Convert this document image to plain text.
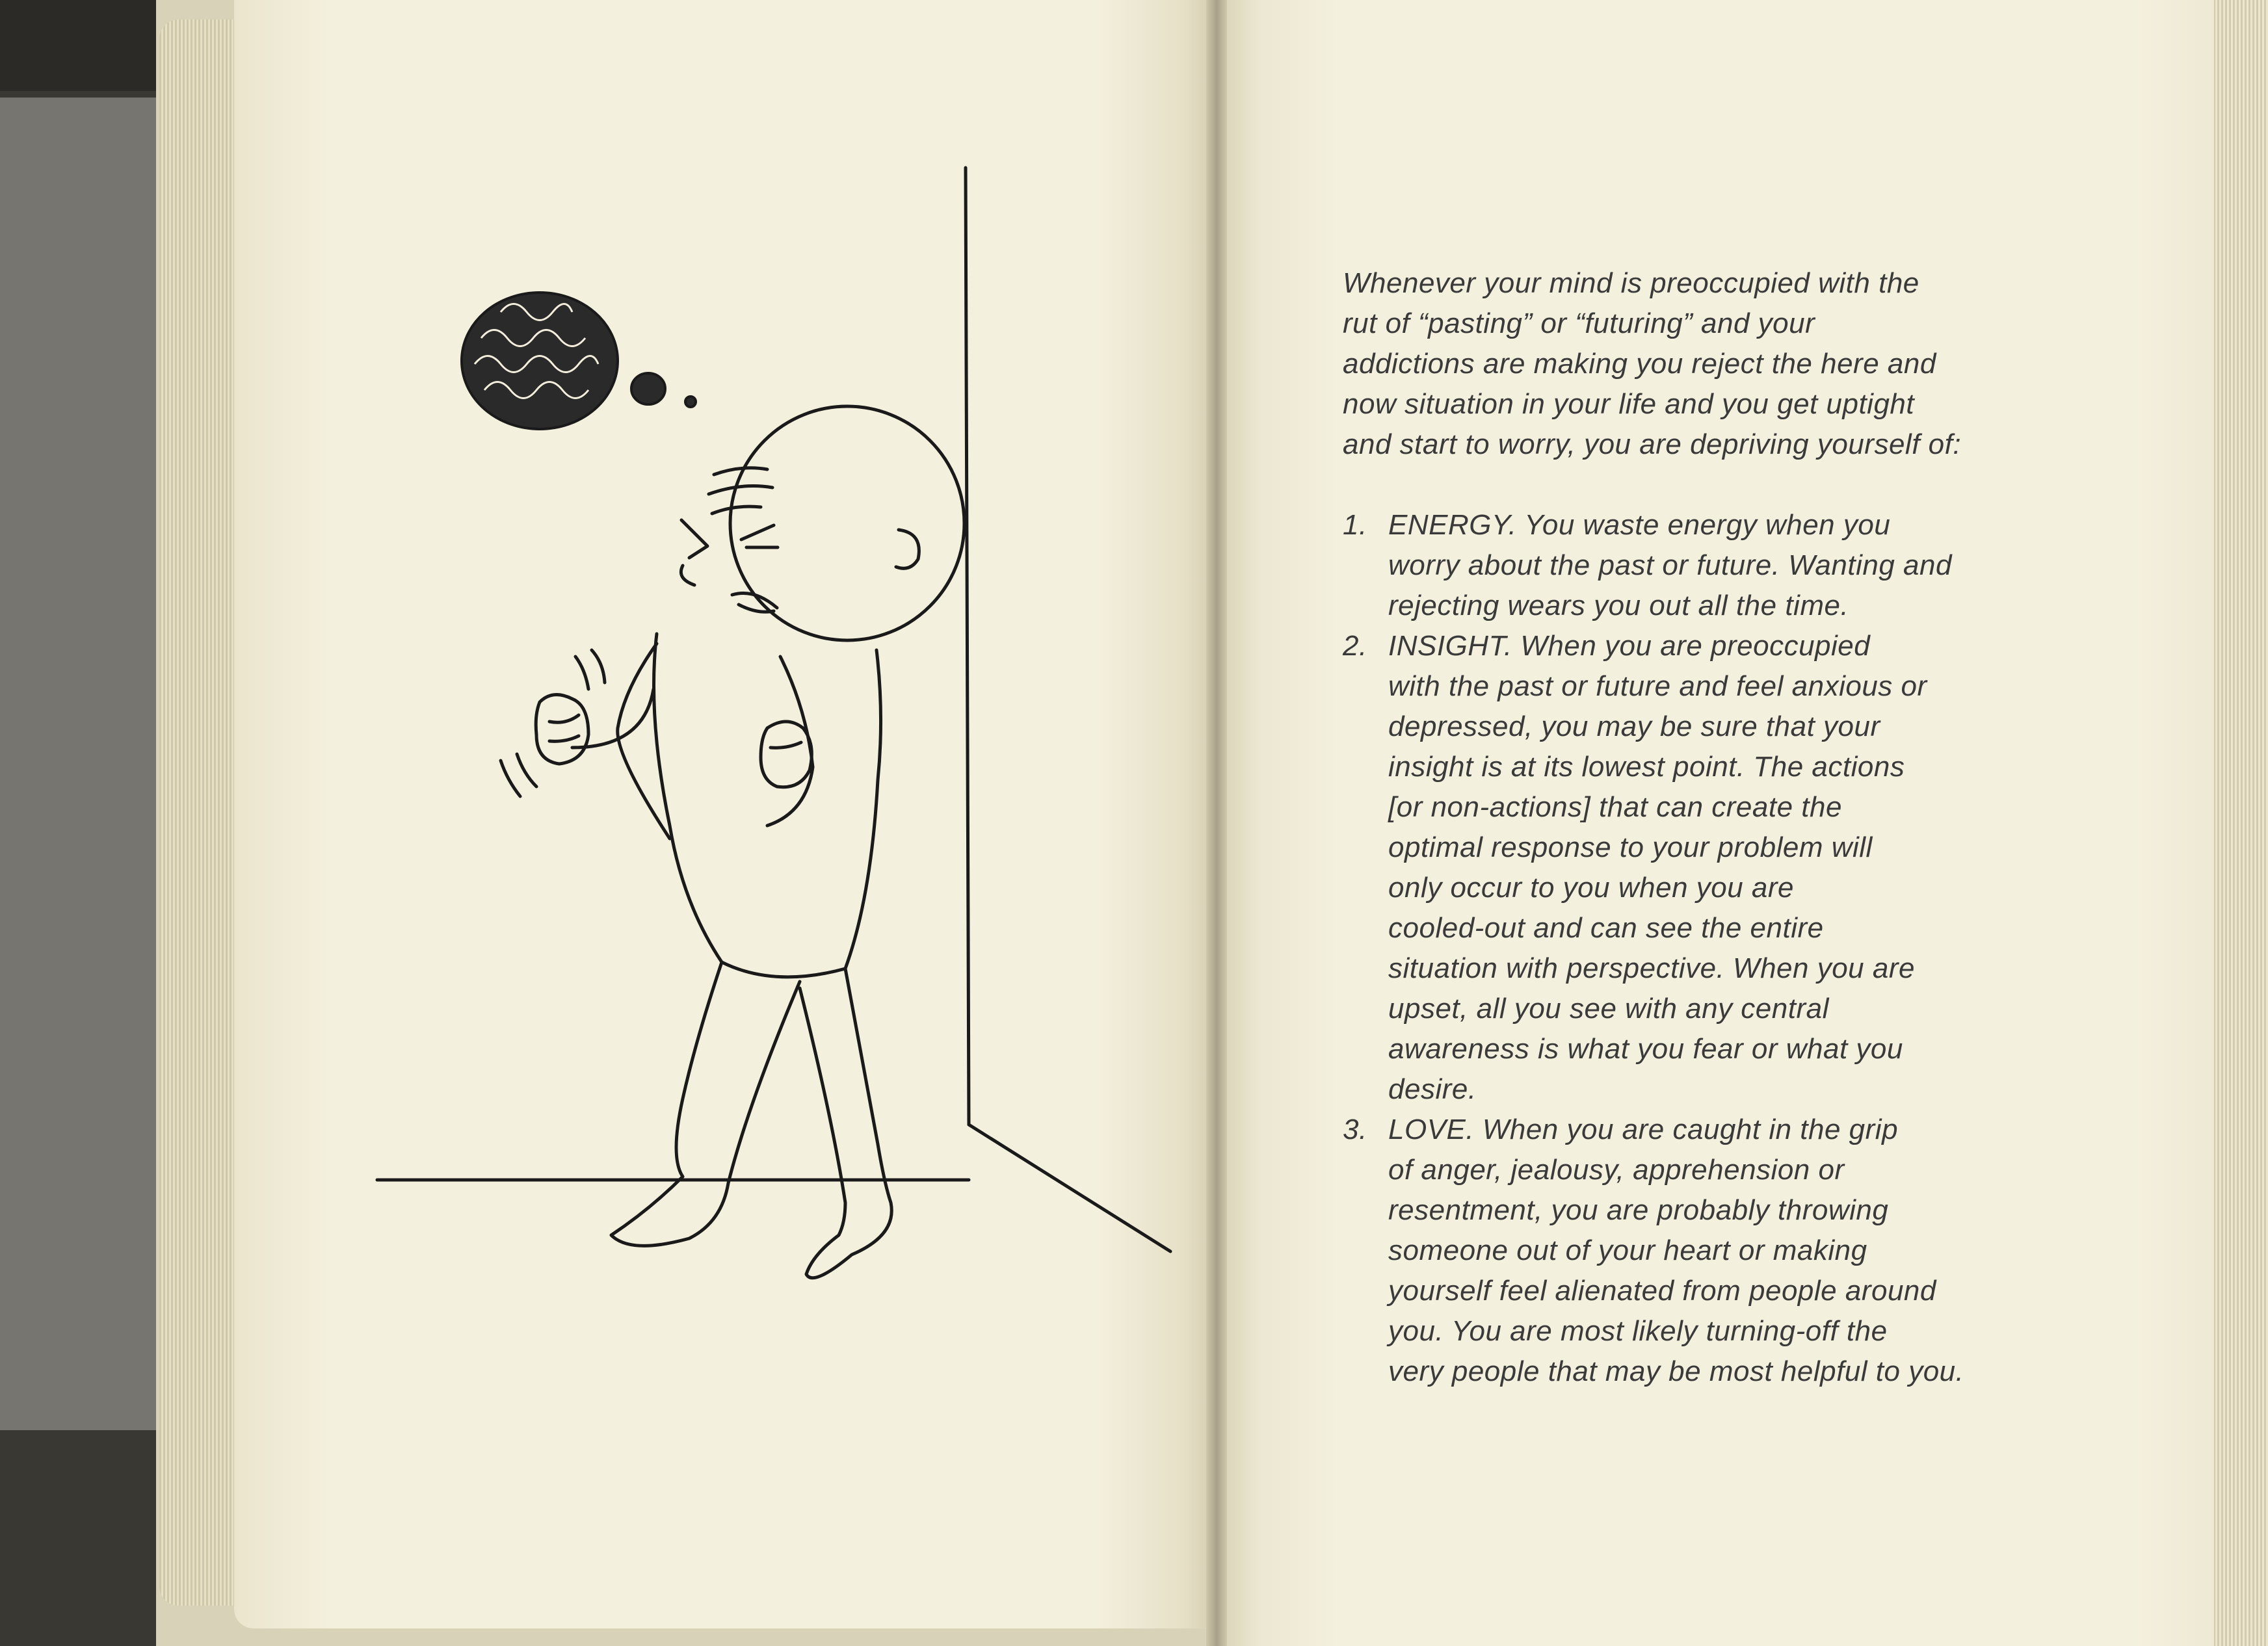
Whenever your mind is preoccupied with the
rut of “pasting” or “futuring” and your
addictions are making you reject the here and
now situation in your life and you get uptight
and start to worry, you are depriving yourself of:
1. ENERGY. You waste energy when you
worry about the past or future. Wanting and
rejecting wears you out all the time.
2. INSIGHT. When you are preoccupied
with the past or future and feel anxious or
depressed, you may be sure that your
insight is at its lowest point. The actions
[or non-actions] that can create the
optimal response to your problem will
only occur to you when you are
cooled-out and can see the entire
situation with perspective. When you are
upset, all you see with any central
awareness is what you fear or what you
desire.
3. LOVE. When you are caught in the grip
of anger, jealousy, apprehension or
resentment, you are probably throwing
someone out of your heart or making
yourself feel alienated from people around
you. You are most likely turning-off the
very people that may be most helpful to you.
